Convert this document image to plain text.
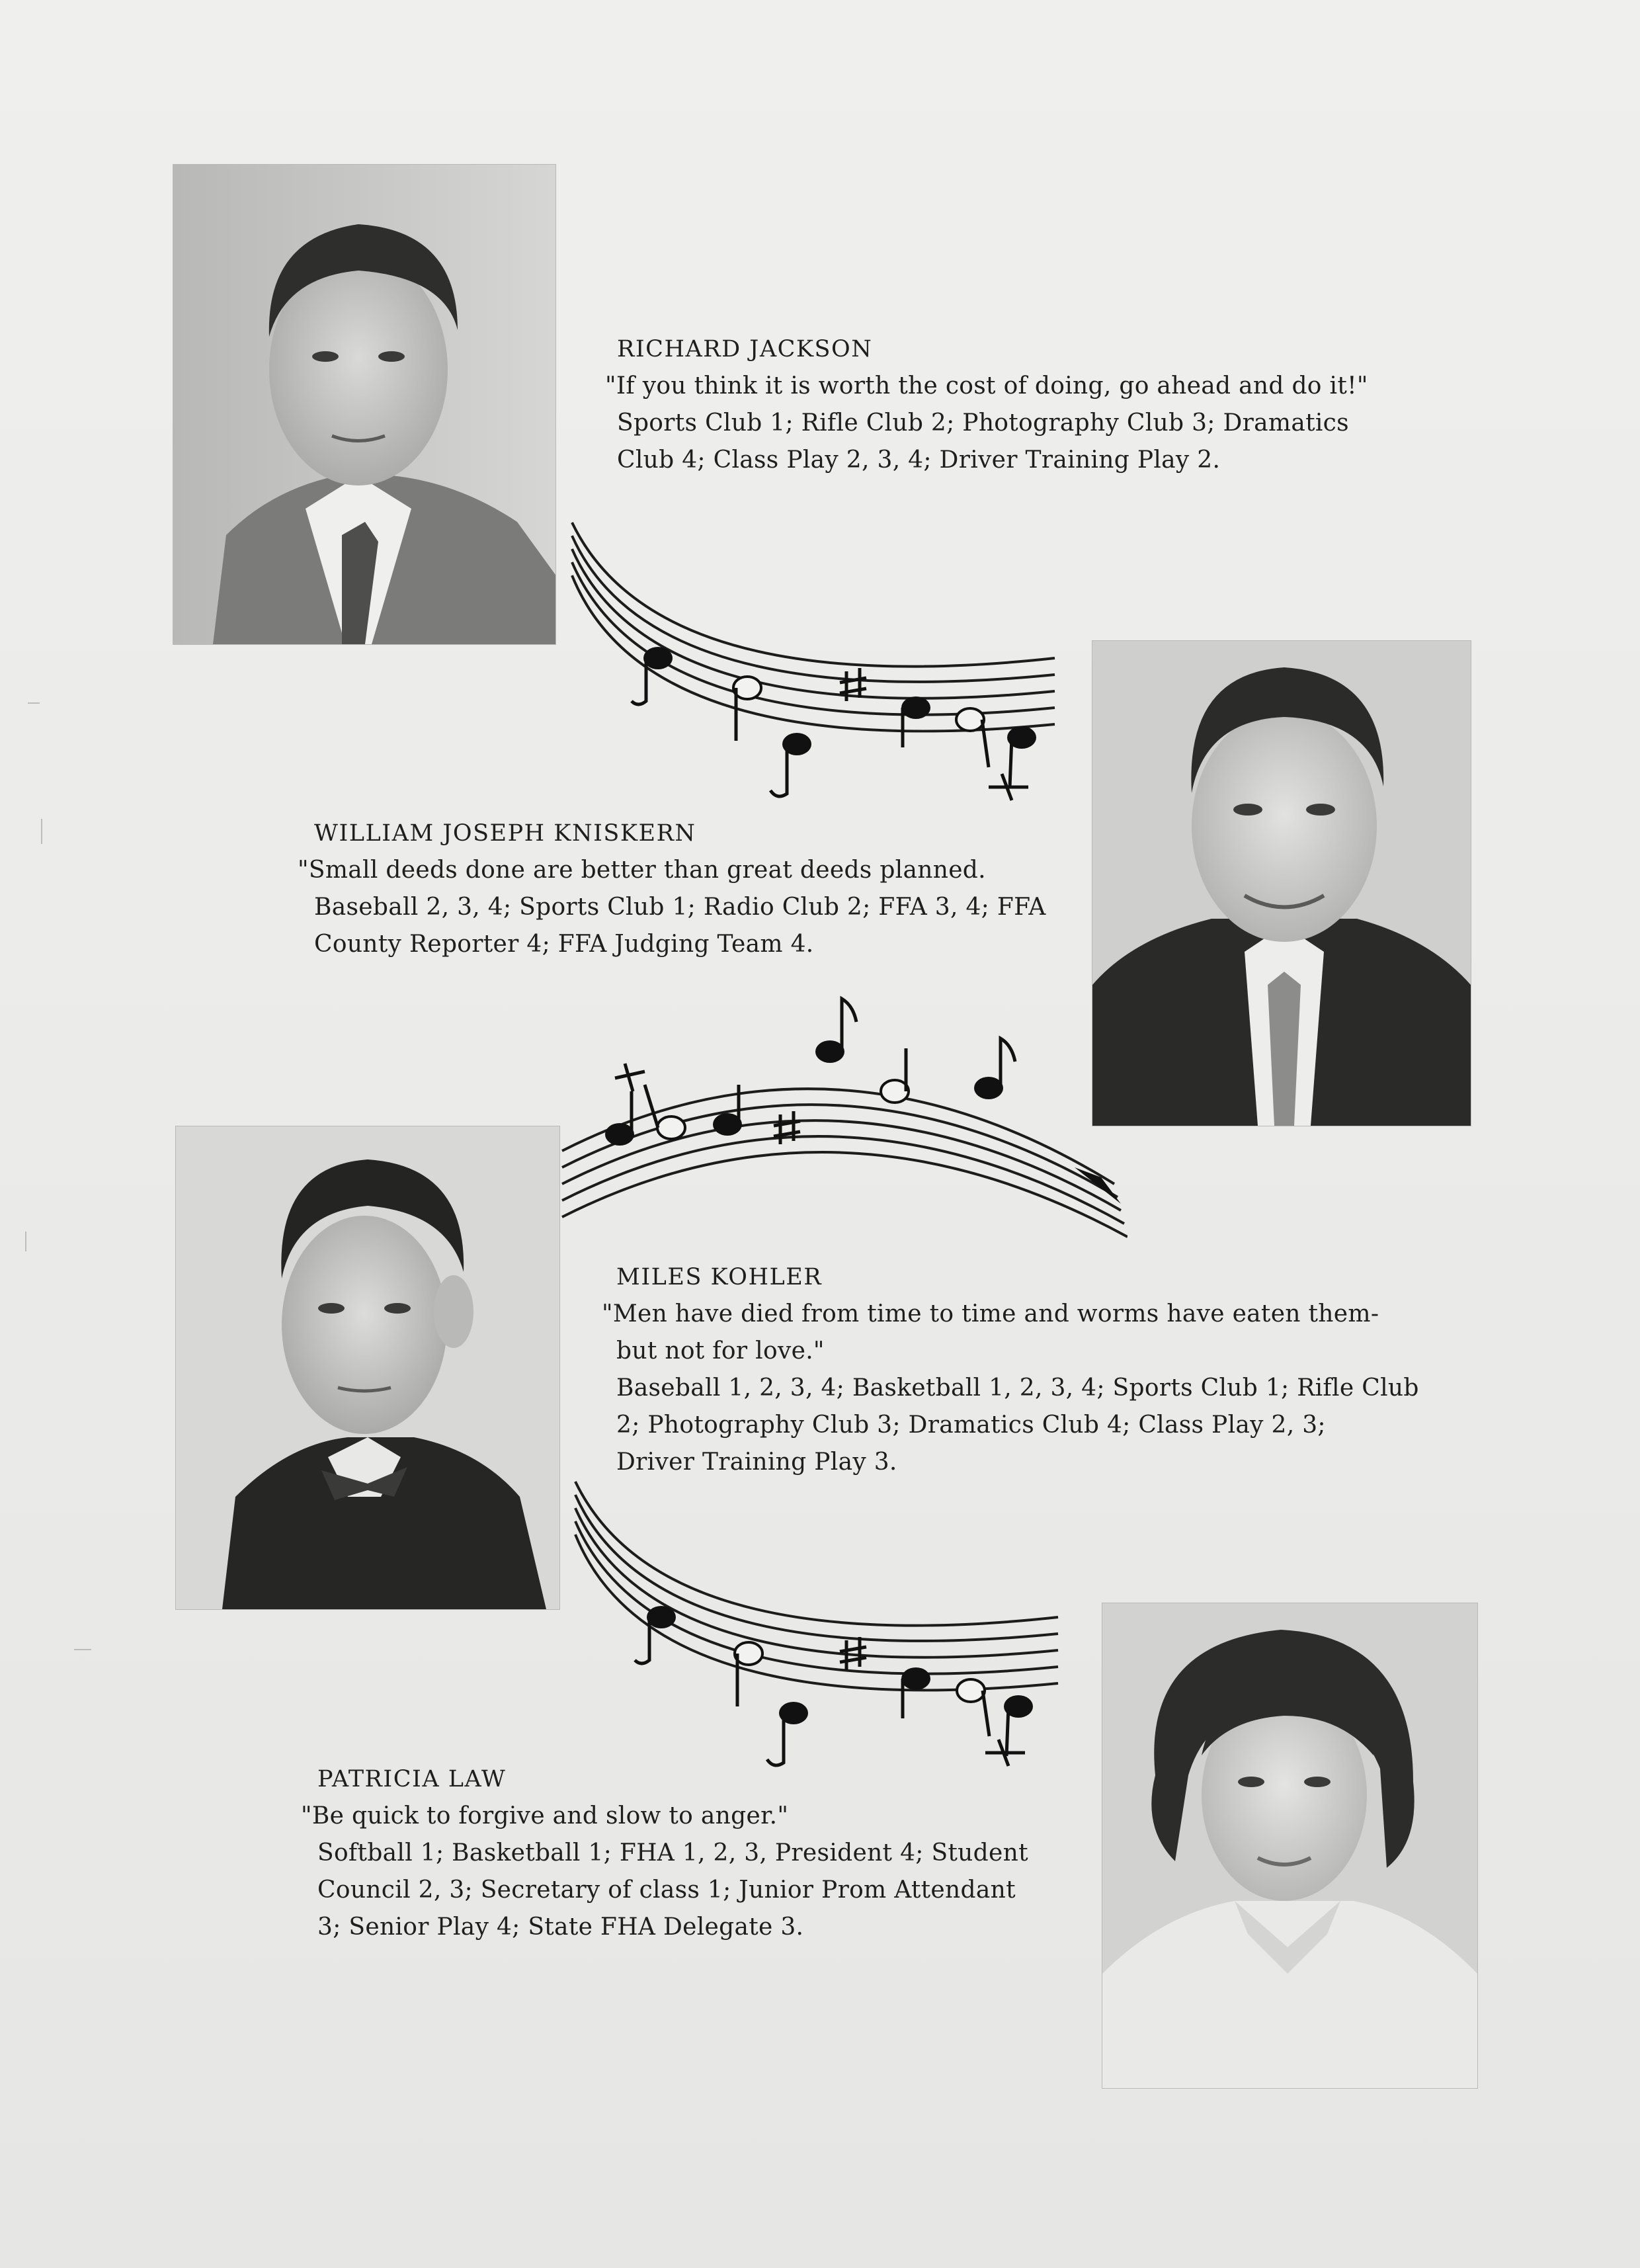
RICHARD JACKSON
"If you think it is worth the cost of doing, go ahead and do it!"
Sports Club 1; Rifle Club 2; Photography Club 3; Dramatics
Club 4; Class Play 2, 3, 4; Driver Training Play 2.
WILLIAM JOSEPH KNISKERN
"Small deeds done are better than great deeds planned.
Baseball 2, 3, 4; Sports Club 1; Radio Club 2; FFA 3, 4; FFA
County Reporter 4; FFA Judging Team 4.
MILES KOHLER
"Men have died from time to time and worms have eaten them-
but not for love."
Baseball 1, 2, 3, 4; Basketball 1, 2, 3, 4; Sports Club 1; Rifle Club
2; Photography Club 3; Dramatics Club 4; Class Play 2, 3;
Driver Training Play 3.
PATRICIA LAW
"Be quick to forgive and slow to anger."
Softball 1; Basketball 1; FHA 1, 2, 3, President 4; Student
Council 2, 3; Secretary of class 1; Junior Prom Attendant
3; Senior Play 4; State FHA Delegate 3.
